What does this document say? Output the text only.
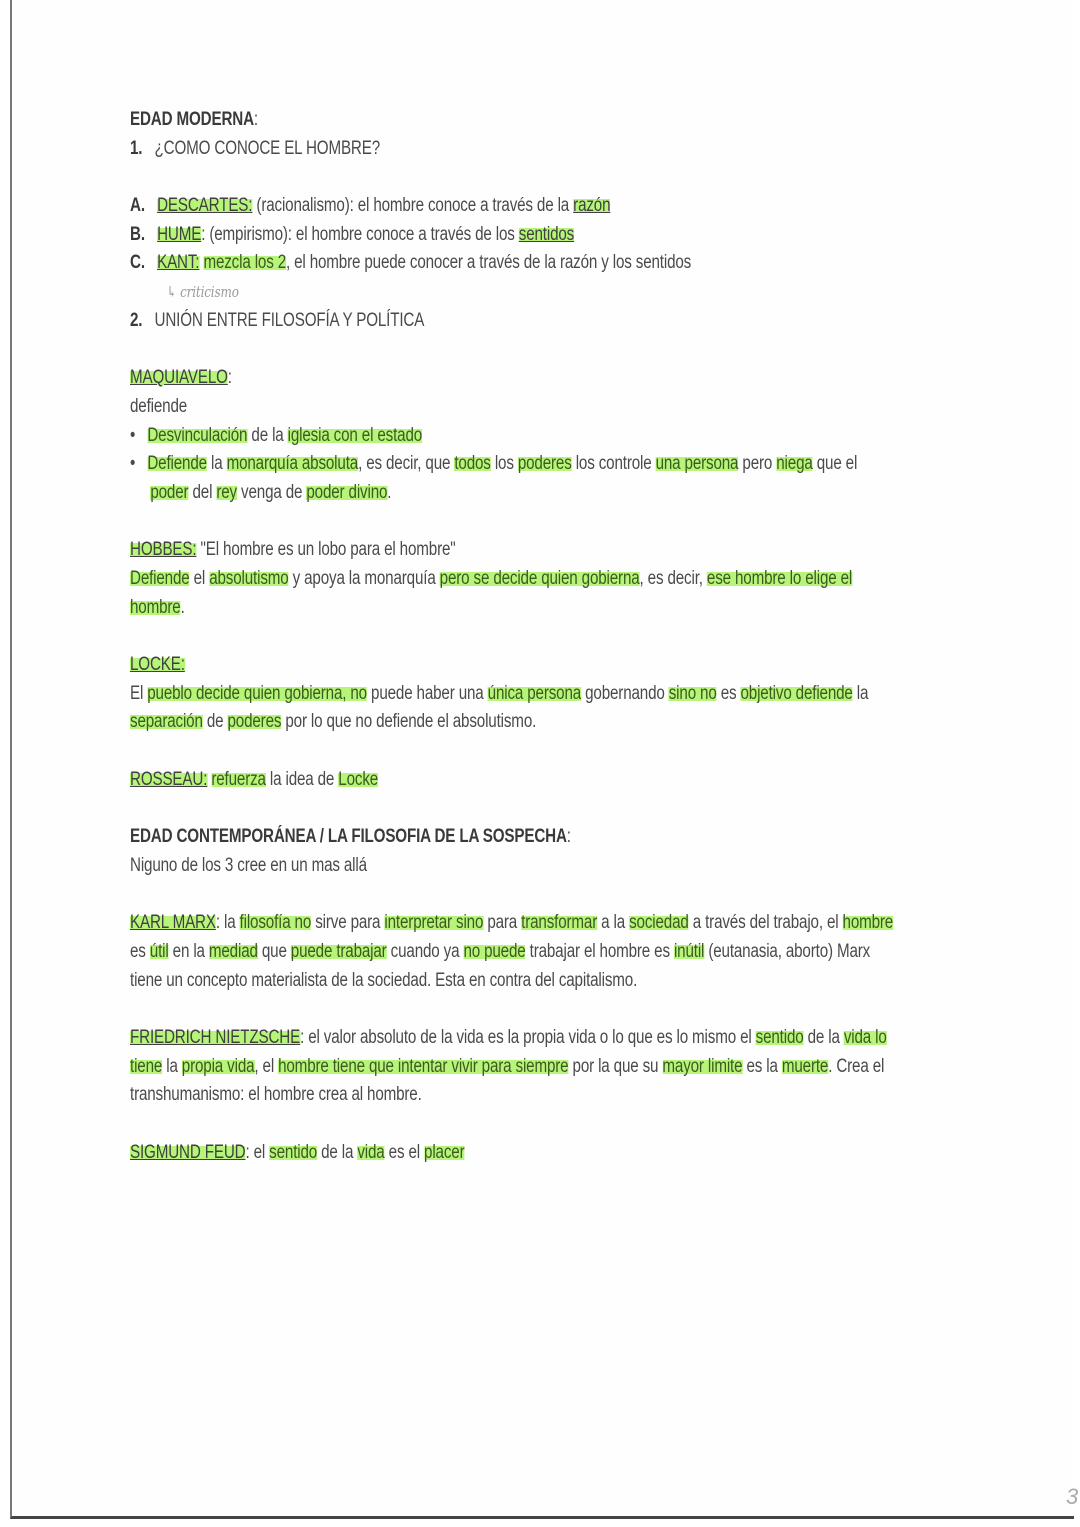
EDAD MODERNA:
1.   ¿COMO CONOCE EL HOMBRE?
A. DESCARTES: (racionalismo): el hombre conoce a través de la razón
B. HUME: (empirismo): el hombre conoce a través de los sentidos
C. KANT: mezcla los 2, el hombre puede conocer a través de la razón y los sentidos
↳ criticismo
2.   UNIÓN ENTRE FILOSOFÍA Y POLÍTICA
MAQUIAVELO:
defiende
•   Desvinculación de la iglesia con el estado
•   Defiende la monarquía absoluta, es decir, que todos los poderes los controle una persona pero niega que el
poder del rey venga de poder divino.
HOBBES: "El hombre es un lobo para el hombre"
Defiende el absolutismo y apoya la monarquía pero se decide quien gobierna, es decir, ese hombre lo elige el
hombre.
LOCKE:
El pueblo decide quien gobierna, no puede haber una única persona gobernando sino no es objetivo defiende la
separación de poderes por lo que no defiende el absolutismo.
ROSSEAU: refuerza la idea de Locke
EDAD CONTEMPORÁNEA / LA FILOSOFIA DE LA SOSPECHA:
Niguno de los 3 cree en un mas allá
KARL MARX: la filosofía no sirve para interpretar sino para transformar a la sociedad a través del trabajo, el hombre
es útil en la mediad que puede trabajar cuando ya no puede trabajar el hombre es inútil (eutanasia, aborto) Marx
tiene un concepto materialista de la sociedad. Esta en contra del capitalismo.
FRIEDRICH NIETZSCHE: el valor absoluto de la vida es la propia vida o lo que es lo mismo el sentido de la vida lo
tiene la propia vida, el hombre tiene que intentar vivir para siempre por la que su mayor limite es la muerte. Crea el
transhumanismo: el hombre crea al hombre.
SIGMUND FEUD: el sentido de la vida es el placer
3
